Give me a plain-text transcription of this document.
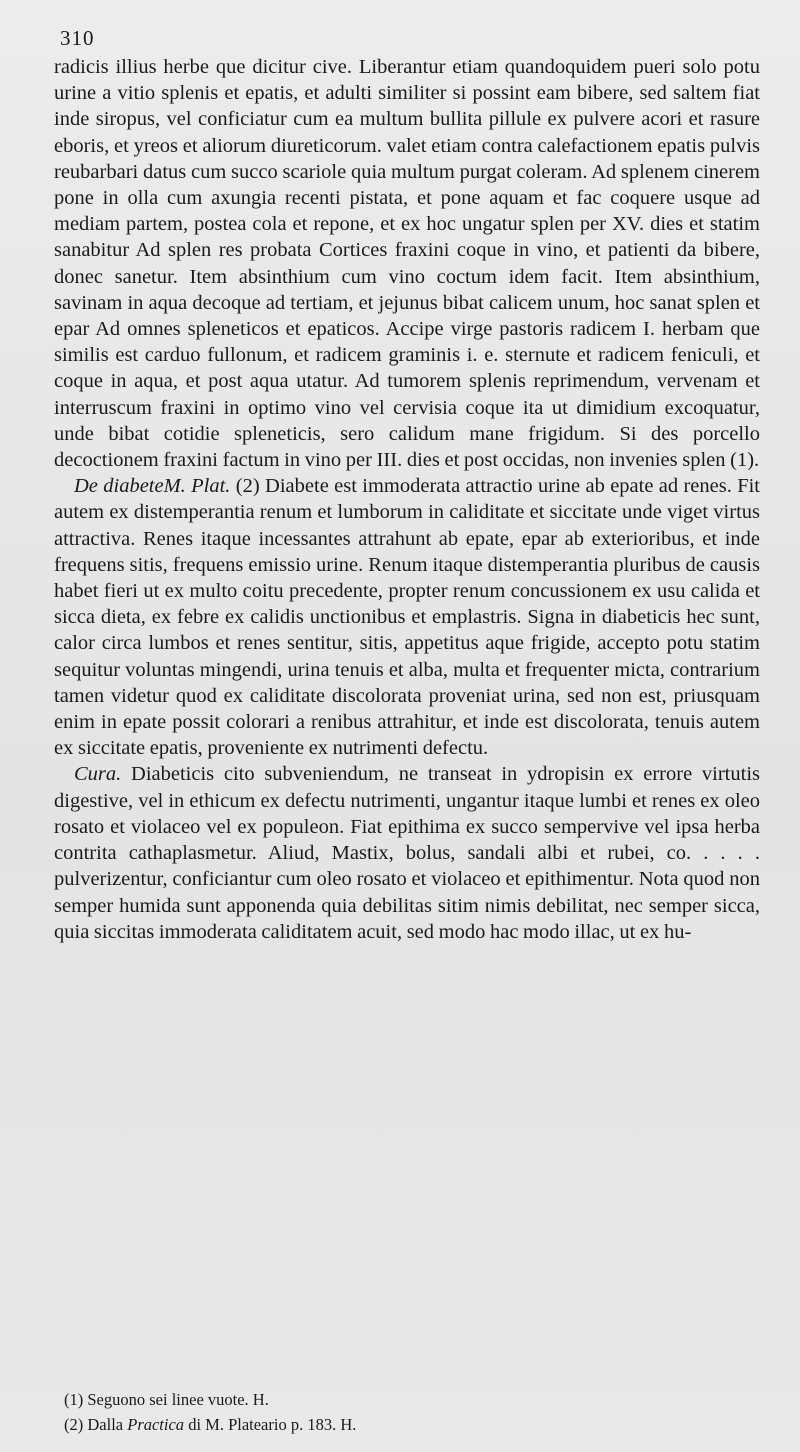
310

radicis illius herbe que dicitur cive. Liberantur etiam quandoquidem pueri solo potu urine a vitio splenis et epatis, et adulti similiter si possint eam bibere, sed saltem fiat inde siropus, vel conficiatur cum ea multum bullita pillule ex pulvere acori et rasure eboris, et yreos et aliorum diureticorum. valet etiam contra calefactionem epatis pulvis reubarbari datus cum succo scariole quia multum purgat coleram. Ad splenem cinerem pone in olla cum axungia recenti pistata, et pone aquam et fac coquere usque ad mediam partem, postea cola et repone, et ex hoc ungatur splen per XV. dies et statim sanabitur Ad splen res probata Cortices fraxini coque in vino, et patienti da bibere, donec sanetur. Item absinthium cum vino coctum idem facit. Item absinthium, savinam in aqua decoque ad tertiam, et jejunus bibat calicem unum, hoc sanat splen et epar Ad omnes spleneticos et epaticos. Accipe virge pastoris radicem I. herbam que similis est carduo fullonum, et radicem graminis i. e. sternute et radicem feniculi, et coque in aqua, et post aqua utatur. Ad tumorem splenis reprimendum, vervenam et interruscum fraxini in optimo vino vel cervisia coque ita ut dimidium excoquatur, unde bibat cotidie spleneticis, sero calidum mane frigidum. Si des porcello decoctionem fraxini factum in vino per III. dies et post occidas, non invenies splen (1).

De diabeteM. Plat. (2) Diabete est immoderata attractio urine ab epate ad renes. Fit autem ex distemperantia renum et lumborum in caliditate et siccitate unde viget virtus attractiva. Renes itaque incessantes attrahunt ab epate, epar ab exterioribus, et inde frequens sitis, frequens emissio urine. Renum itaque distemperantia pluribus de causis habet fieri ut ex multo coitu precedente, propter renum concussionem ex usu calida et sicca dieta, ex febre ex calidis unctionibus et emplastris. Signa in diabeticis hec sunt, calor circa lumbos et renes sentitur, sitis, appetitus aque frigide, accepto potu statim sequitur voluntas mingendi, urina tenuis et alba, multa et frequenter micta, contrarium tamen videtur quod ex caliditate discolorata proveniat urina, sed non est, priusquam enim in epate possit colorari a renibus attrahitur, et inde est discolorata, tenuis autem ex siccitate epatis, proveniente ex nutrimenti defectu.

Cura. Diabeticis cito subveniendum, ne transeat in ydropisin ex errore virtutis digestive, vel in ethicum ex defectu nutrimenti, ungantur itaque lumbi et renes ex oleo rosato et violaceo vel ex populeon. Fiat epithima ex succo sempervive vel ipsa herba contrita cathaplasmetur. Aliud, Mastix, bolus, sandali albi et rubei, co. . . . . pulverizentur, conficiantur cum oleo rosato et violaceo et epithimentur. Nota quod non semper humida sunt apponenda quia debilitas sitim nimis debilitat, nec semper sicca, quia siccitas immoderata caliditatem acuit, sed modo hac modo illac, ut ex hu-

(1) Seguono sei linee vuote. H.
(2) Dalla Practica di M. Plateario p. 183. H.
